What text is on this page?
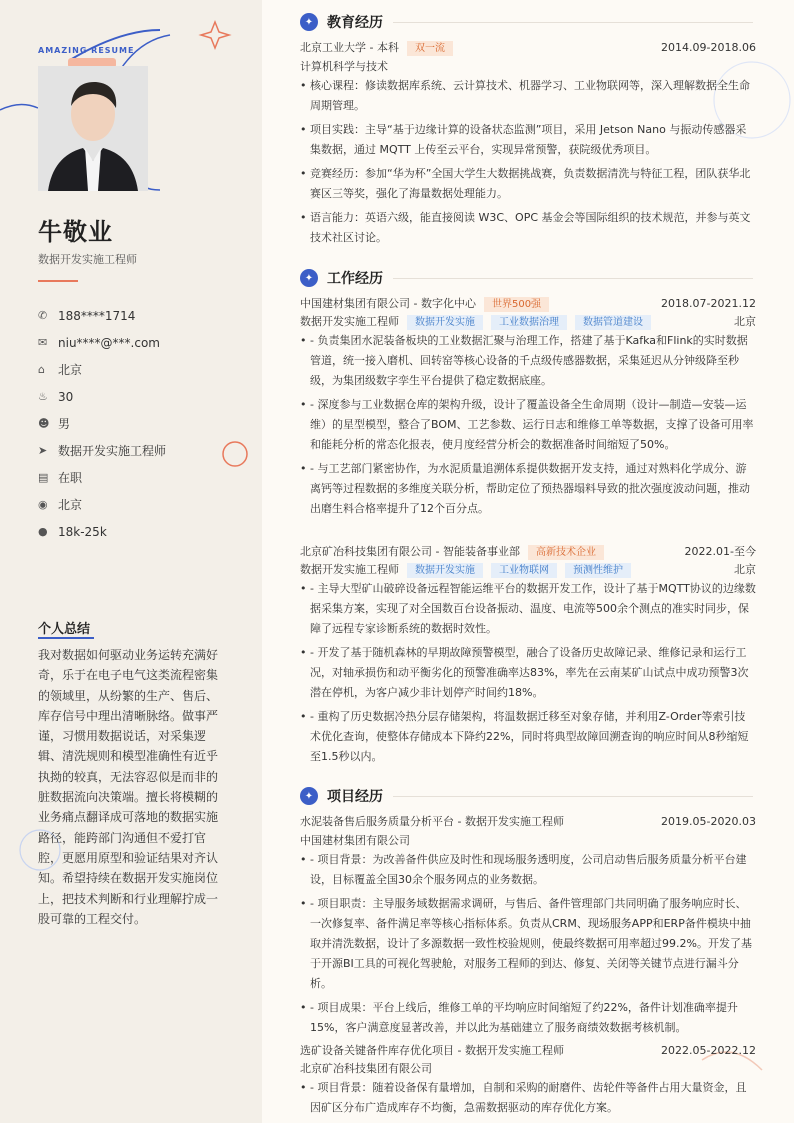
AMAZING RESUME
牛敬业
数据开发实施工程师
✆ 188****1714
✉ niu****@***.com
⌂	北京
♨ 30
☻ 男
➤ 数据开发实施工程师
▤ 在职
◉ 北京
● 18k-25k
个人总结
我对数据如何驱动业务运转充满好奇，乐于在电子电气这类流程密集的领域里，从纷繁的生产、售后、库存信号中理出清晰脉络。做事严谨，习惯用数据说话，对采集逻辑、清洗规则和模型准确性有近乎执拗的较真，无法容忍似是而非的脏数据流向决策端。擅长将模糊的业务痛点翻译成可落地的数据实施路径，能跨部门沟通但不爱打官腔，更愿用原型和验证结果对齐认知。希望持续在数据开发实施岗位上，把技术判断和行业理解拧成一股可靠的工程交付。
✦ 教育经历
北京工业大学 - 本科	双一流	2014.09-2018.06
计算机科学与技术
• 核心课程：修读数据库系统、云计算技术、机器学习、工业物联网等，深入理解数据全生命周期管理。
• 项目实践：主导“基于边缘计算的设备状态监测”项目，采用 Jetson Nano 与振动传感器采集数据，通过 MQTT 上传至云平台，实现异常预警，获院级优秀项目。
• 竞赛经历：参加“华为杯”全国大学生大数据挑战赛，负责数据清洗与特征工程，团队获华北赛区三等奖，强化了海量数据处理能力。
• 语言能力：英语六级，能直接阅读 W3C、OPC 基金会等国际组织的技术规范，并参与英文技术社区讨论。
✦ 工作经历
中国建材集团有限公司 - 数字化中心	世界500强	2018.07-2021.12
数据开发实施工程师	数据开发实施	工业数据治理	数据管道建设	北京
• - 负责集团水泥装备板块的工业数据汇聚与治理工作，搭建了基于Kafka和Flink的实时数据管道，统一接入磨机、回转窑等核心设备的千点级传感器数据，采集延迟从分钟级降至秒级，为集团级数字孪生平台提供了稳定数据底座。
• - 深度参与工业数据仓库的架构升级，设计了覆盖设备全生命周期（设计—制造—安装—运维）的星型模型，整合了BOM、工艺参数、运行日志和维修工单等数据，支撑了设备可用率和能耗分析的常态化报表，使月度经营分析会的数据准备时间缩短了50%。
• - 与工艺部门紧密协作，为水泥质量追溯体系提供数据开发支持，通过对熟料化学成分、游离钙等过程数据的多维度关联分析，帮助定位了预热器塌料导致的批次强度波动问题，推动出磨生料合格率提升了12个百分点。
北京矿冶科技集团有限公司 - 智能装备事业部	高新技术企业	2022.01-至今
数据开发实施工程师	数据开发实施	工业物联网	预测性维护	北京
• - 主导大型矿山破碎设备远程智能运维平台的数据开发工作，设计了基于MQTT协议的边缘数据采集方案，实现了对全国数百台设备振动、温度、电流等500余个测点的准实时同步，保障了远程专家诊断系统的数据时效性。
• - 开发了基于随机森林的早期故障预警模型，融合了设备历史故障记录、维修记录和运行工况，对轴承损伤和动平衡劣化的预警准确率达83%，率先在云南某矿山试点中成功预警3次潜在停机，为客户减少非计划停产时间约18%。
• - 重构了历史数据冷热分层存储架构，将温数据迁移至对象存储，并利用Z-Order等索引技术优化查询，使整体存储成本下降约22%，同时将典型故障回溯查询的响应时间从8秒缩短至1.5秒以内。
✦ 项目经历
水泥装备售后服务质量分析平台 - 数据开发实施工程师	2019.05-2020.03
中国建材集团有限公司
• - 项目背景：为改善备件供应及时性和现场服务透明度，公司启动售后服务质量分析平台建设，目标覆盖全国30余个服务网点的业务数据。
• - 项目职责：主导服务域数据需求调研，与售后、备件管理部门共同明确了服务响应时长、一次修复率、备件满足率等核心指标体系。负责从CRM、现场服务APP和ERP备件模块中抽取并清洗数据，设计了多源数据一致性校验规则，使最终数据可用率超过99.2%。开发了基于开源BI工具的可视化驾驶舱，对服务工程师的到达、修复、关闭等关键节点进行漏斗分析。
• - 项目成果：平台上线后，维修工单的平均响应时间缩短了约22%，备件计划准确率提升15%，客户满意度显著改善，并以此为基础建立了服务商绩效数据考核机制。
选矿设备关键备件库存优化项目 - 数据开发实施工程师	2022.05-2022.12
北京矿冶科技集团有限公司
• - 项目背景：随着设备保有量增加，自制和采购的耐磨件、齿轮件等备件占用大量资金，且因矿区分布广造成库存不均衡，急需数据驱动的库存优化方案。
